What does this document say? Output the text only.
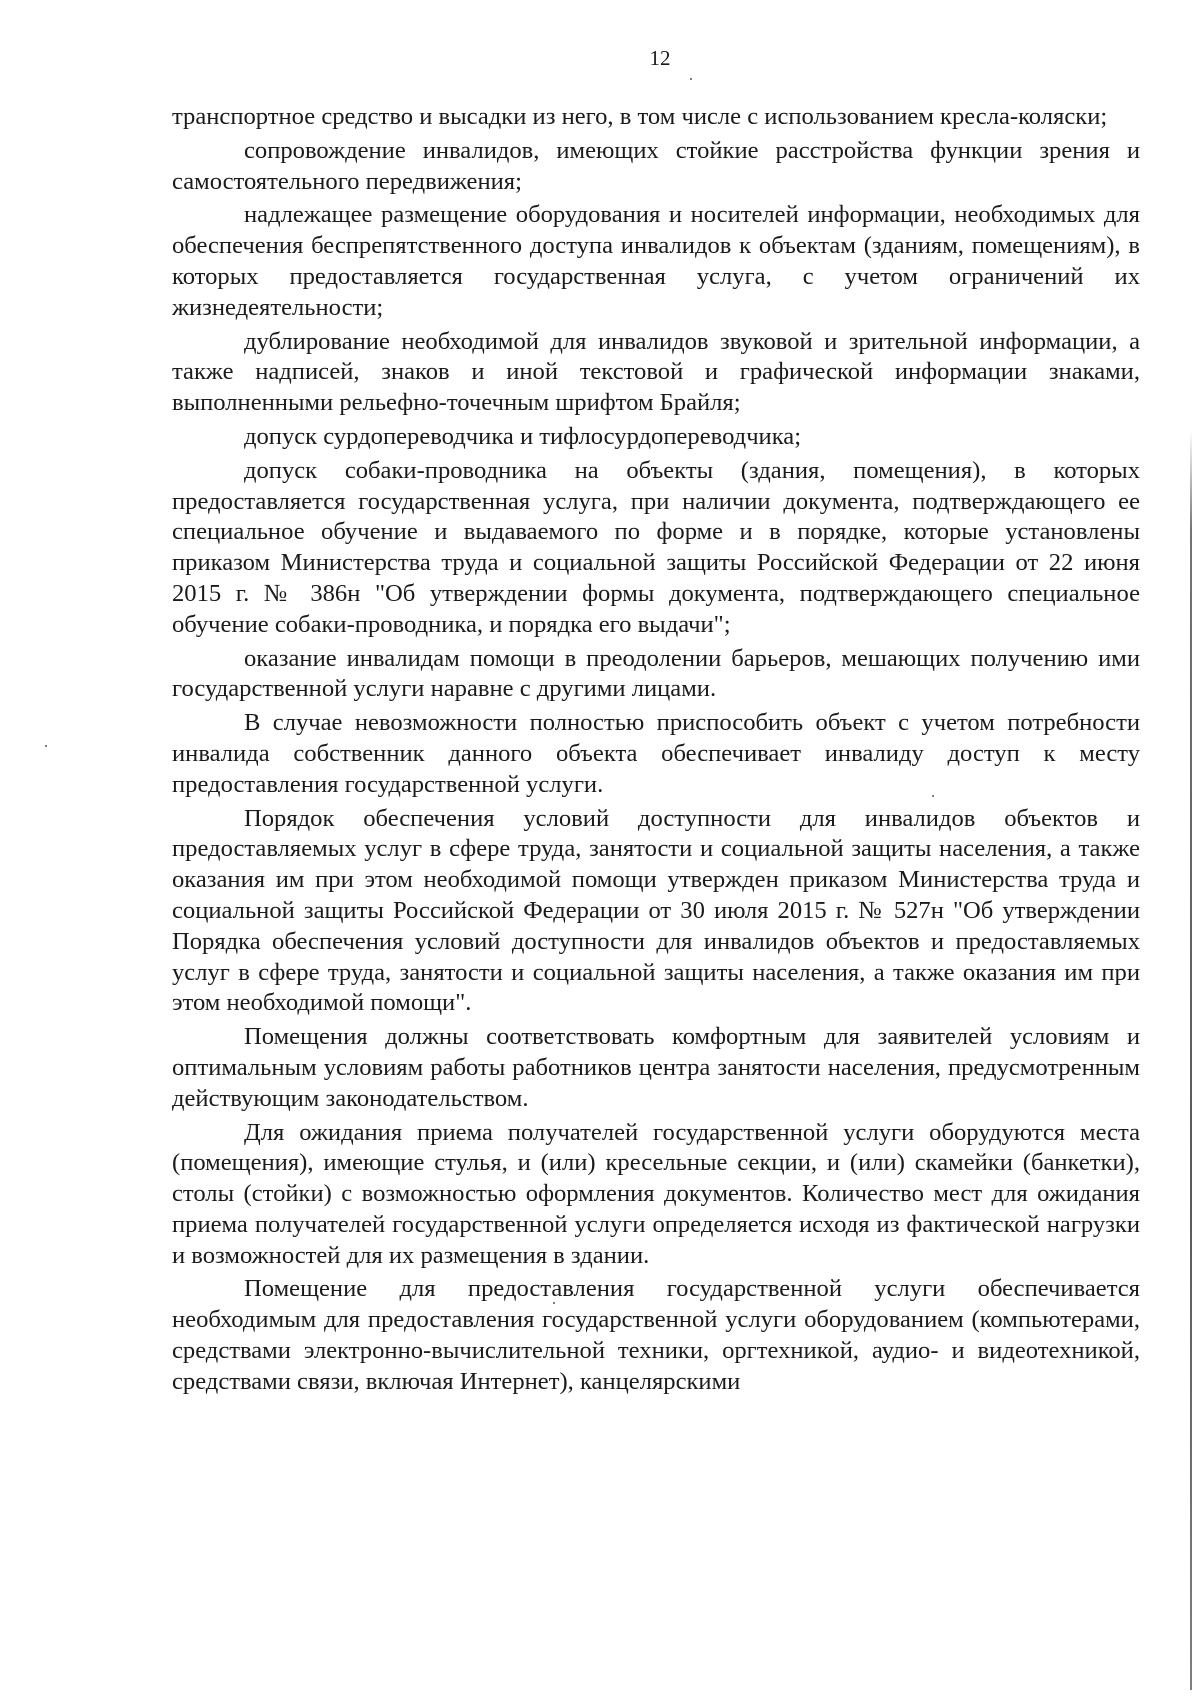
12

транспортное средство и высадки из него, в том числе с использованием кресла-коляски;

сопровождение инвалидов, имеющих стойкие расстройства функции зрения и самостоятельного передвижения;

надлежащее размещение оборудования и носителей информации, необходимых для обеспечения беспрепятственного доступа инвалидов к объектам (зданиям, помещениям), в которых предоставляется государственная услуга, с учетом ограничений их жизнедеятельности;

дублирование необходимой для инвалидов звуковой и зрительной информации, а также надписей, знаков и иной текстовой и графической информации знаками, выполненными рельефно-точечным шрифтом Брайля;

допуск сурдопереводчика и тифлосурдопереводчика;

допуск собаки-проводника на объекты (здания, помещения), в которых предоставляется государственная услуга, при наличии документа, подтверждающего ее специальное обучение и выдаваемого по форме и в порядке, которые установлены приказом Министерства труда и социальной защиты Российской Федерации от 22 июня 2015 г. № 386н "Об утверждении формы документа, подтверждающего специальное обучение собаки-проводника, и порядка его выдачи";

оказание инвалидам помощи в преодолении барьеров, мешающих получению ими государственной услуги наравне с другими лицами.

В случае невозможности полностью приспособить объект с учетом потребности инвалида собственник данного объекта обеспечивает инвалиду доступ к месту предоставления государственной услуги.

Порядок обеспечения условий доступности для инвалидов объектов и предоставляемых услуг в сфере труда, занятости и социальной защиты населения, а также оказания им при этом необходимой помощи утвержден приказом Министерства труда и социальной защиты Российской Федерации от 30 июля 2015 г. № 527н "Об утверждении Порядка обеспечения условий доступности для инвалидов объектов и предоставляемых услуг в сфере труда, занятости и социальной защиты населения, а также оказания им при этом необходимой помощи".

Помещения должны соответствовать комфортным для заявителей условиям и оптимальным условиям работы работников центра занятости населения, предусмотренным действующим законодательством.

Для ожидания приема получателей государственной услуги оборудуются места (помещения), имеющие стулья, и (или) кресельные секции, и (или) скамейки (банкетки), столы (стойки) с возможностью оформления документов. Количество мест для ожидания приема получателей государственной услуги определяется исходя из фактической нагрузки и возможностей для их размещения в здании.

Помещение для предоставления государственной услуги обеспечивается необходимым для предоставления государственной услуги оборудованием (компьютерами, средствами электронно-вычислительной техники, оргтехникой, аудио- и видеотехникой, средствами связи, включая Интернет), канцелярскими
